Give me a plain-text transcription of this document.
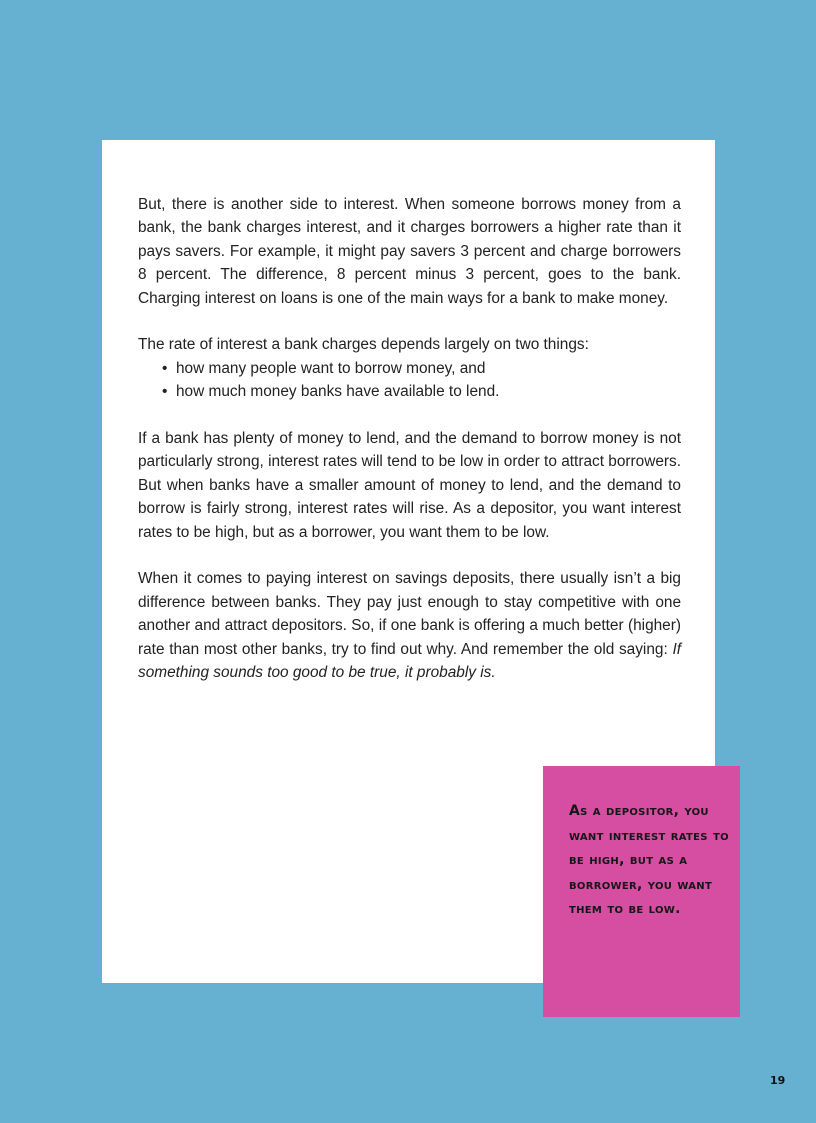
But, there is another side to interest. When someone borrows money from a bank, the bank charges interest, and it charges borrowers a higher rate than it pays savers. For example, it might pay savers 3 percent and charge borrowers 8 percent. The difference, 8 percent minus 3 percent, goes to the bank. Charging interest on loans is one of the main ways for a bank to make money.

The rate of interest a bank charges depends largely on two things:

• how many people want to borrow money, and
• how much money banks have available to lend.

If a bank has plenty of money to lend, and the demand to borrow money is not particularly strong, interest rates will tend to be low in order to attract borrowers. But when banks have a smaller amount of money to lend, and the demand to borrow is fairly strong, interest rates will rise. As a depositor, you want interest rates to be high, but as a borrower, you want them to be low.

When it comes to paying interest on savings deposits, there usually isn’t a big difference between banks. They pay just enough to stay competitive with one another and attract depositors. So, if one bank is offering a much better (higher) rate than most other banks, try to find out why. And remember the old saying: If something sounds too good to be true, it probably is.

As a depositor, you want interest rates to be high, but as a borrower, you want them to be low.
19
